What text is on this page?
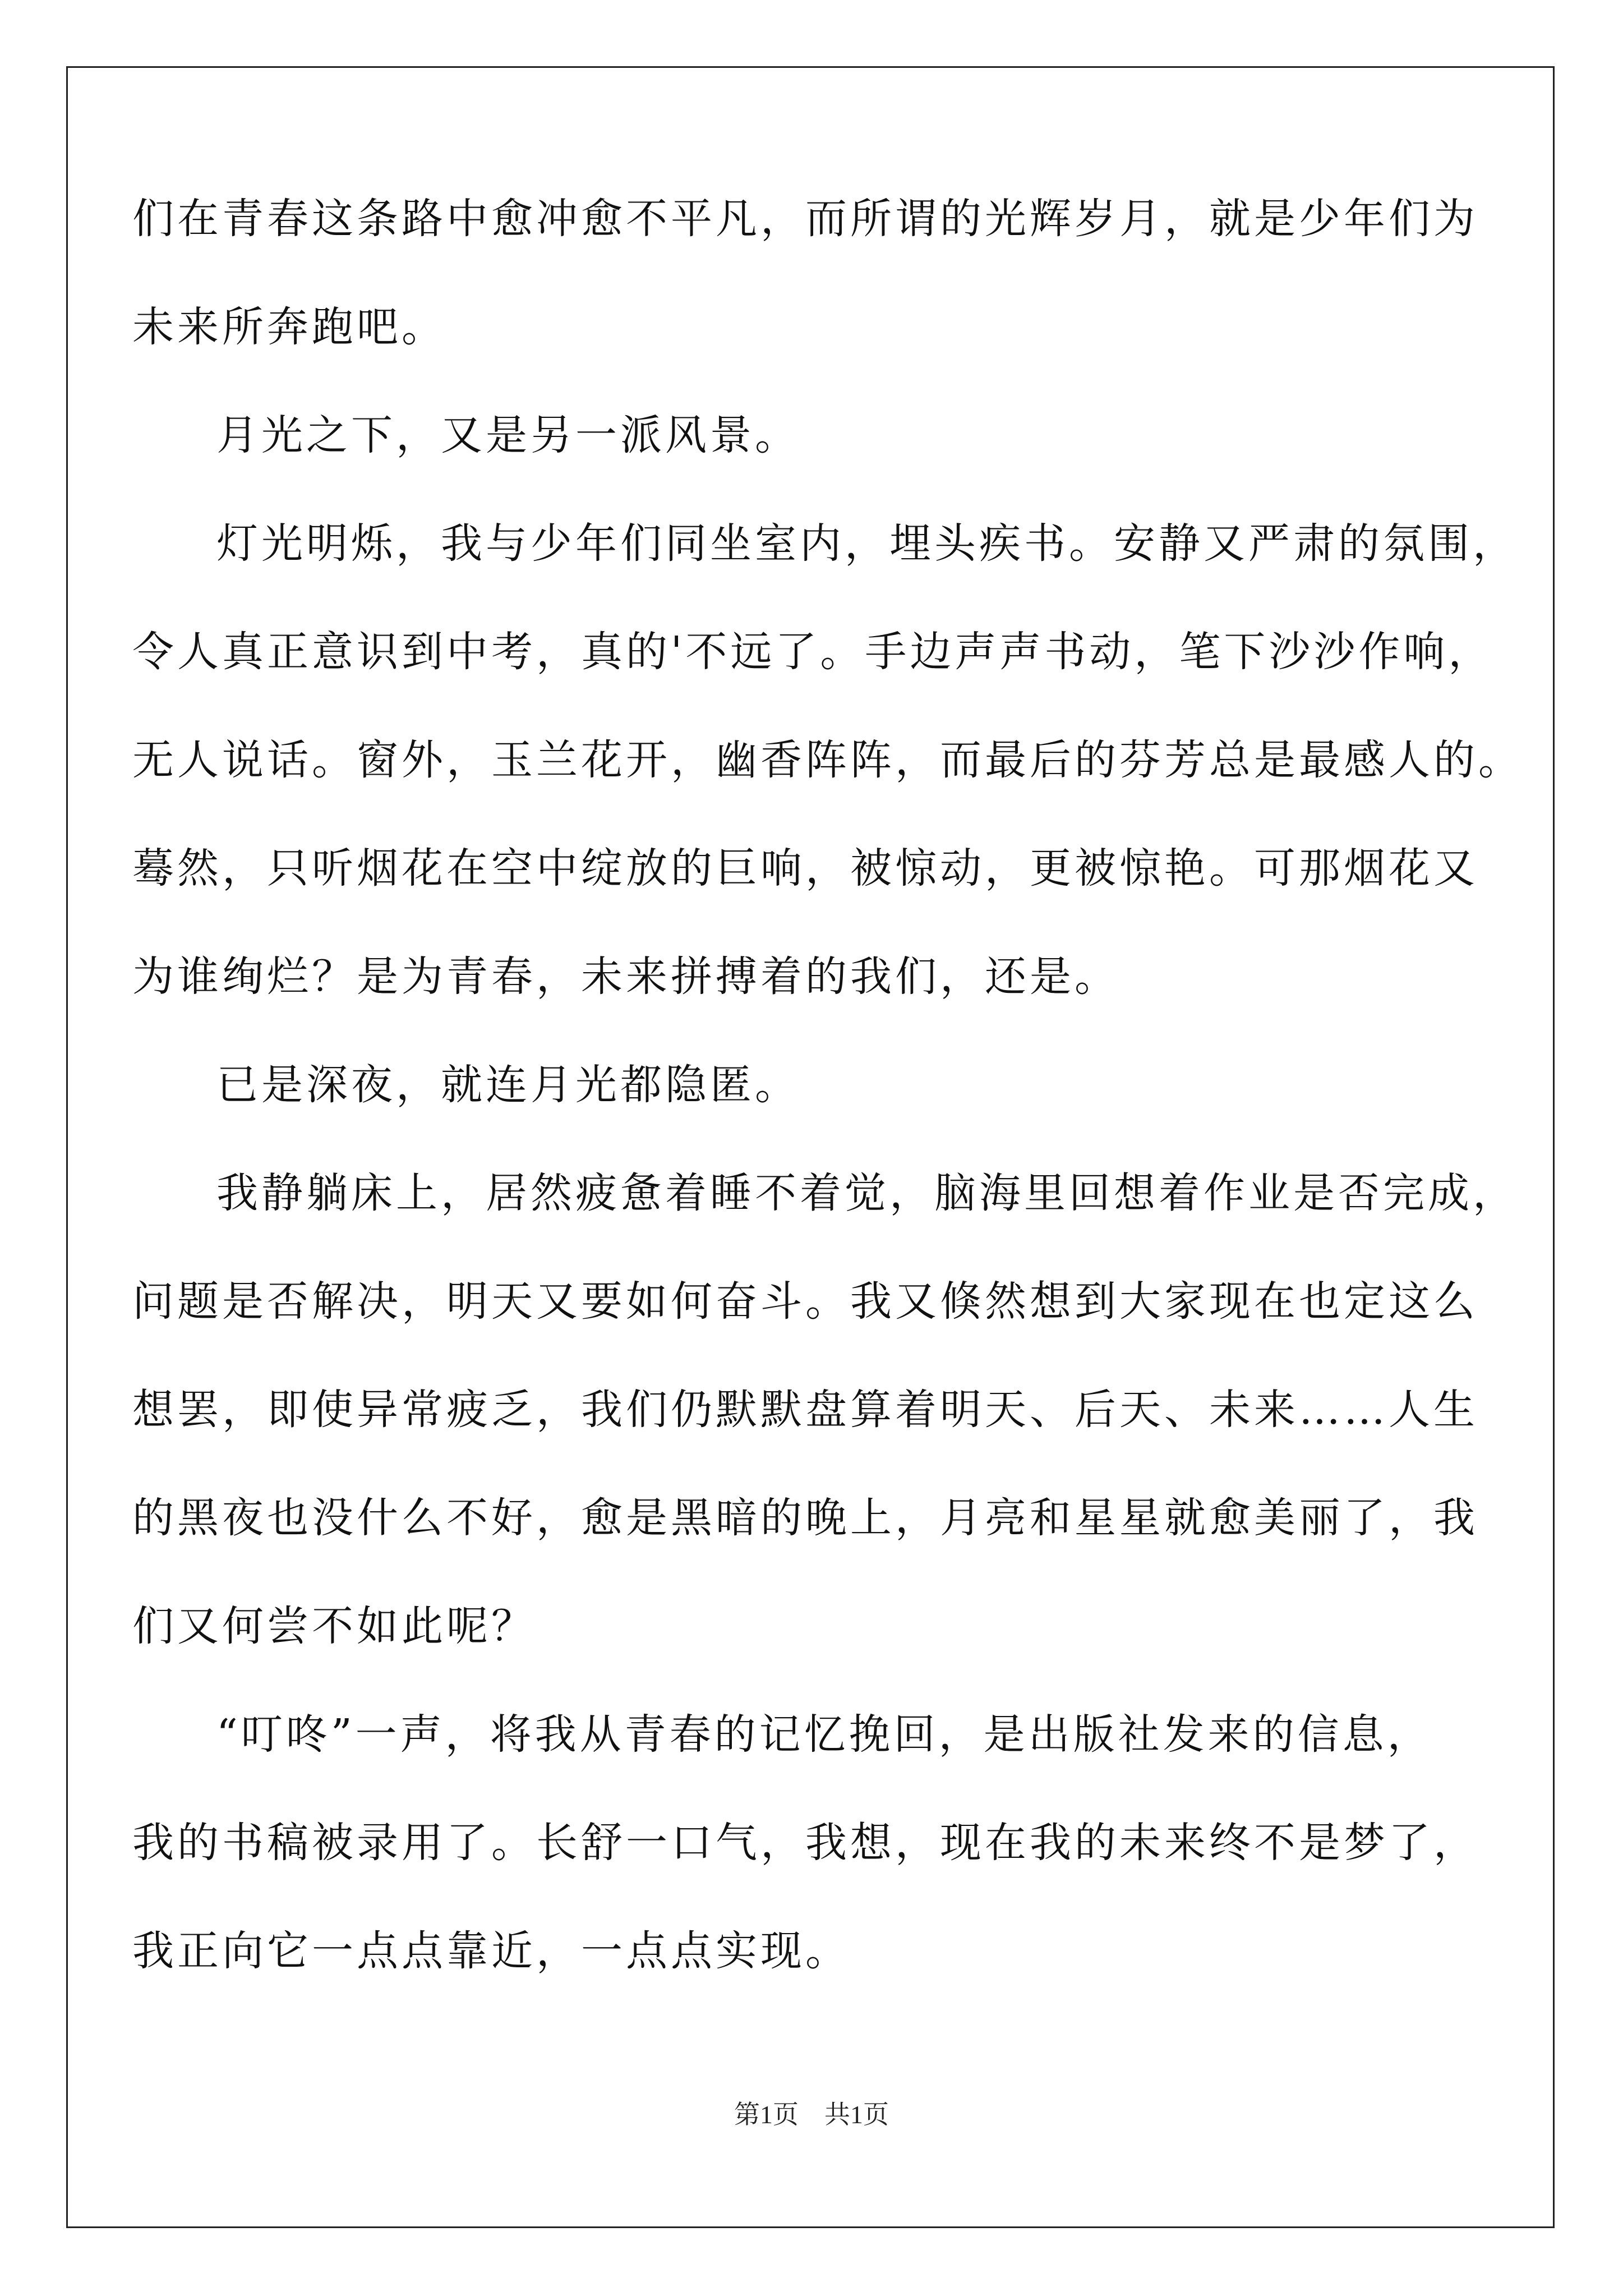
们在青春这条路中愈冲愈不平凡，而所谓的光辉岁月，就是少年们为
未来所奔跑吧。
月光之下，又是另一派风景。
灯光明烁，我与少年们同坐室内，埋头疾书。安静又严肃的氛围，
令人真正意识到中考，真的'不远了。手边声声书动，笔下沙沙作响，
无人说话。窗外，玉兰花开，幽香阵阵，而最后的芬芳总是最感人的。
蓦然，只听烟花在空中绽放的巨响，被惊动，更被惊艳。可那烟花又
为谁绚烂？是为青春，未来拼搏着的我们，还是。
已是深夜，就连月光都隐匿。
我静躺床上，居然疲惫着睡不着觉，脑海里回想着作业是否完成，
问题是否解决，明天又要如何奋斗。我又倏然想到大家现在也定这么
想罢，即使异常疲乏，我们仍默默盘算着明天、后天、未来……人生
的黑夜也没什么不好，愈是黑暗的晚上，月亮和星星就愈美丽了，我
们又何尝不如此呢？
“叮咚”一声，将我从青春的记忆挽回，是出版社发来的信息，
我的书稿被录用了。长舒一口气，我想，现在我的未来终不是梦了，
我正向它一点点靠近，一点点实现。
第1页　共1页
